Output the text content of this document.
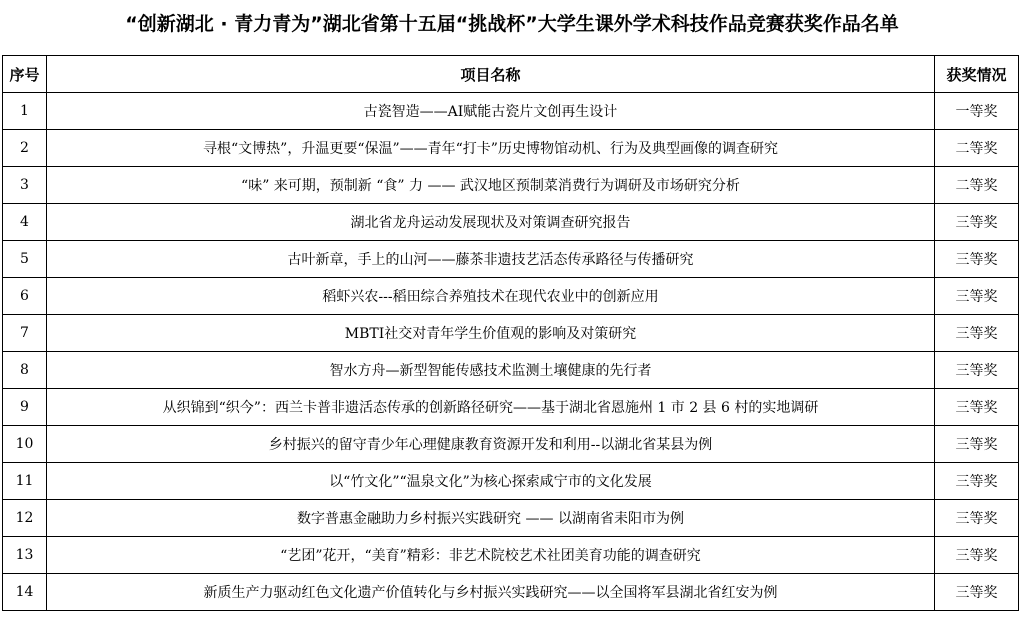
“创新湖北 · 青力青为”湖北省第十五届“挑战杯”大学生课外学术科技作品竞赛获奖作品名单
序号	项目名称	获奖情况
1	古瓷智造——AI赋能古瓷片文创再生设计	一等奖
2	寻根“文博热”，升温更要“保温”——青年“打卡”历史博物馆动机、行为及典型画像的调查研究	二等奖
3	“味” 来可期，预制新 “食” 力 —— 武汉地区预制菜消费行为调研及市场研究分析	二等奖
4	湖北省龙舟运动发展现状及对策调查研究报告	三等奖
5	古叶新章，手上的山河——藤茶非遗技艺活态传承路径与传播研究	三等奖
6	稻虾兴农---稻田综合养殖技术在现代农业中的创新应用	三等奖
7	MBTI社交对青年学生价值观的影响及对策研究	三等奖
8	智水方舟—新型智能传感技术监测土壤健康的先行者	三等奖
9	从织锦到“织今”：西兰卡普非遗活态传承的创新路径研究——基于湖北省恩施州 1 市 2 县 6 村的实地调研	三等奖
10	乡村振兴的留守青少年心理健康教育资源开发和利用--以湖北省某县为例	三等奖
11	以“竹文化”“温泉文化”为核心探索咸宁市的文化发展	三等奖
12	数字普惠金融助力乡村振兴实践研究 —— 以湖南省耒阳市为例	三等奖
13	“艺团”花开，“美育”精彩：非艺术院校艺术社团美育功能的调查研究	三等奖
14	新质生产力驱动红色文化遗产价值转化与乡村振兴实践研究——以全国将军县湖北省红安为例	三等奖
